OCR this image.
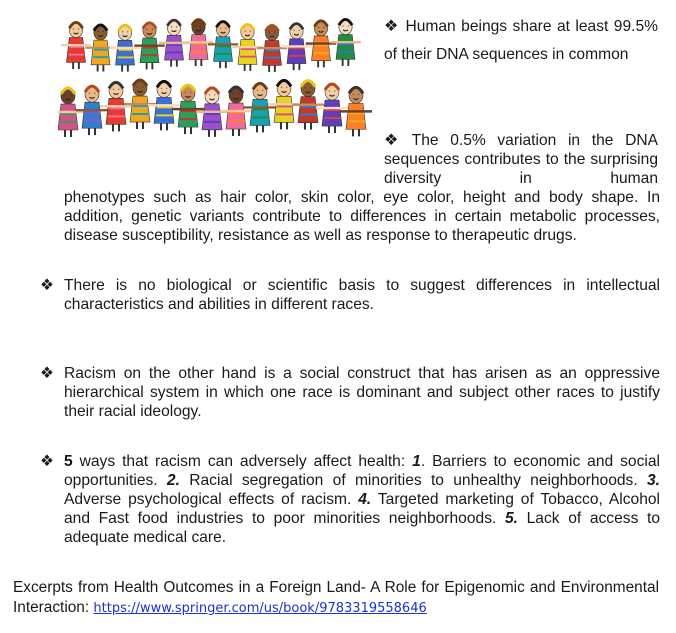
❖ Human beings share at least 99.5% of their DNA sequences in common

❖ The 0.5% variation in the DNA sequences contributes to the surprising diversity in human

phenotypes such as hair color, skin color, eye color, height and body shape. In addition, genetic variants contribute to differences in certain metabolic processes, disease susceptibility, resistance as well as response to therapeutic drugs.

❖ There is no biological or scientific basis to suggest differences in intellectual characteristics and abilities in different races.

❖ Racism on the other hand is a social construct that has arisen as an oppressive hierarchical system in which one race is dominant and subject other races to justify their racial ideology.

❖ 5 ways that racism can adversely affect health: 1. Barriers to economic and social opportunities. 2. Racial segregation of minorities to unhealthy neighborhoods. 3. Adverse psychological effects of racism. 4. Targeted marketing of Tobacco, Alcohol and Fast food industries to poor minorities neighborhoods. 5. Lack of access to adequate medical care.

Excerpts from Health Outcomes in a Foreign Land- A Role for Epigenomic and Environmental Interaction: https://www.springer.com/us/book/9783319558646
